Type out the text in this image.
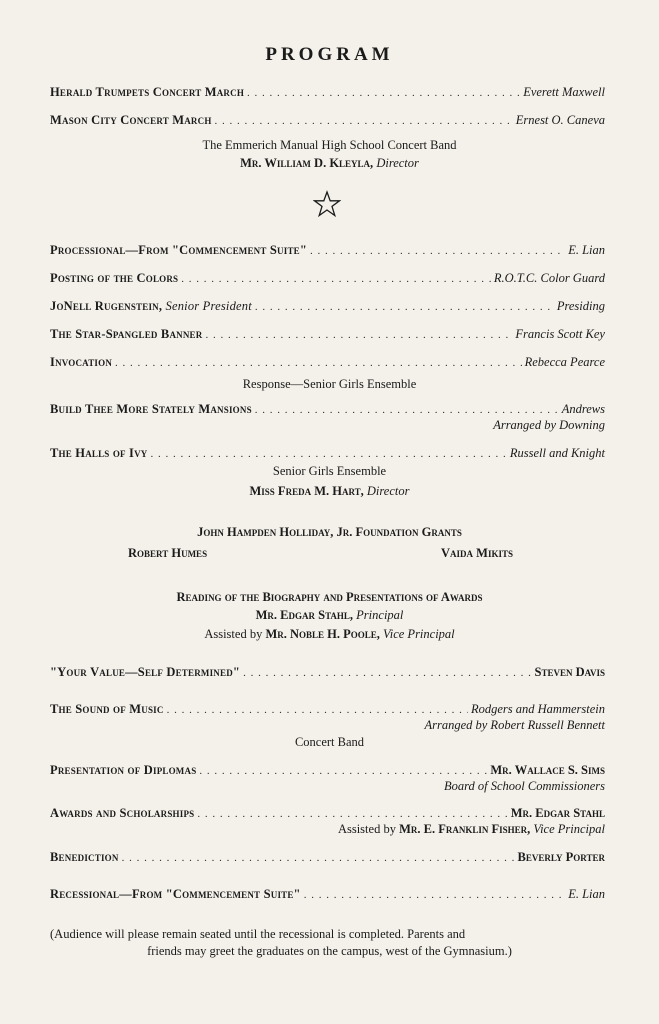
PROGRAM
Herald Trumpets Concert March . . .	Everett Maxwell
Mason City Concert March . . .	Ernest O. Caneva
The Emmerich Manual High School Concert Band
Mr. William D. Kleyla, Director
Processional—From "Commencement Suite" . . .	E. Lian
Posting of the Colors . . .	R.O.T.C. Color Guard
JoNell Rugenstein, Senior President . . .	Presiding
The Star-Spangled Banner . . .	Francis Scott Key
Invocation . . .	Rebecca Pearce
Response—Senior Girls Ensemble
Build Thee More Stately Mansions . . .	Andrews
Arranged by Downing
The Halls of Ivy . . .	Russell and Knight
Senior Girls Ensemble
Miss Freda M. Hart, Director
John Hampden Holliday, Jr. Foundation Grants
Robert Humes	Vaida Mikits
Reading of the Biography and Presentations of Awards
Mr. Edgar Stahl, Principal
Assisted by Mr. Noble H. Poole, Vice Principal
"Your Value—Self Determined" . . .	Steven Davis
The Sound of Music . . .	Rodgers and Hammerstein
Arranged by Robert Russell Bennett
Concert Band
Presentation of Diplomas . . .	Mr. Wallace S. Sims
Board of School Commissioners
Awards and Scholarships . . .	Mr. Edgar Stahl
Assisted by Mr. E. Franklin Fisher, Vice Principal
Benediction . . .	Beverly Porter
Recessional—From "Commencement Suite" . . .	E. Lian
(Audience will please remain seated until the recessional is completed. Parents and
friends may greet the graduates on the campus, west of the Gymnasium.)
